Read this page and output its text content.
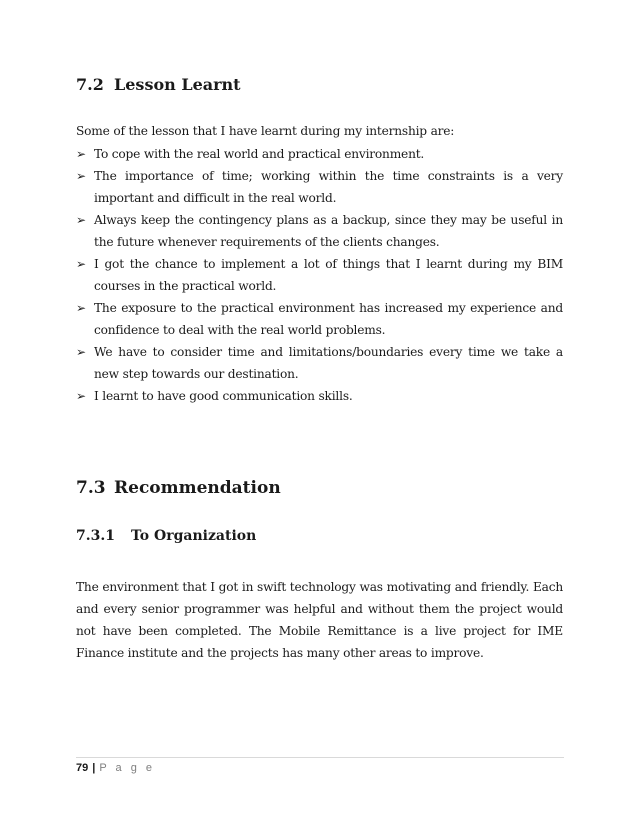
7.2 Lesson Learnt

Some of the lesson that I have learnt during my internship are:

➢ To cope with the real world and practical environment.
➢ The importance of time; working within the time constraints is a very important and difficult in the real world.
➢ Always keep the contingency plans as a backup, since they may be useful in the future whenever requirements of the clients changes.
➢ I got the chance to implement a lot of things that I learnt during my BIM courses in the practical world.
➢ The exposure to the practical environment has increased my experience and confidence to deal with the real world problems.
➢ We have to consider time and limitations/boundaries every time we take a new step towards our destination.
➢ I learnt to have good communication skills.
7.3 Recommendation
7.3.1 To Organization

The environment that I got in swift technology was motivating and friendly. Each and every senior programmer was helpful and without them the project would not have been completed. The Mobile Remittance is a live project for IME Finance institute and the projects has many other areas to improve.

79 | P a g e
